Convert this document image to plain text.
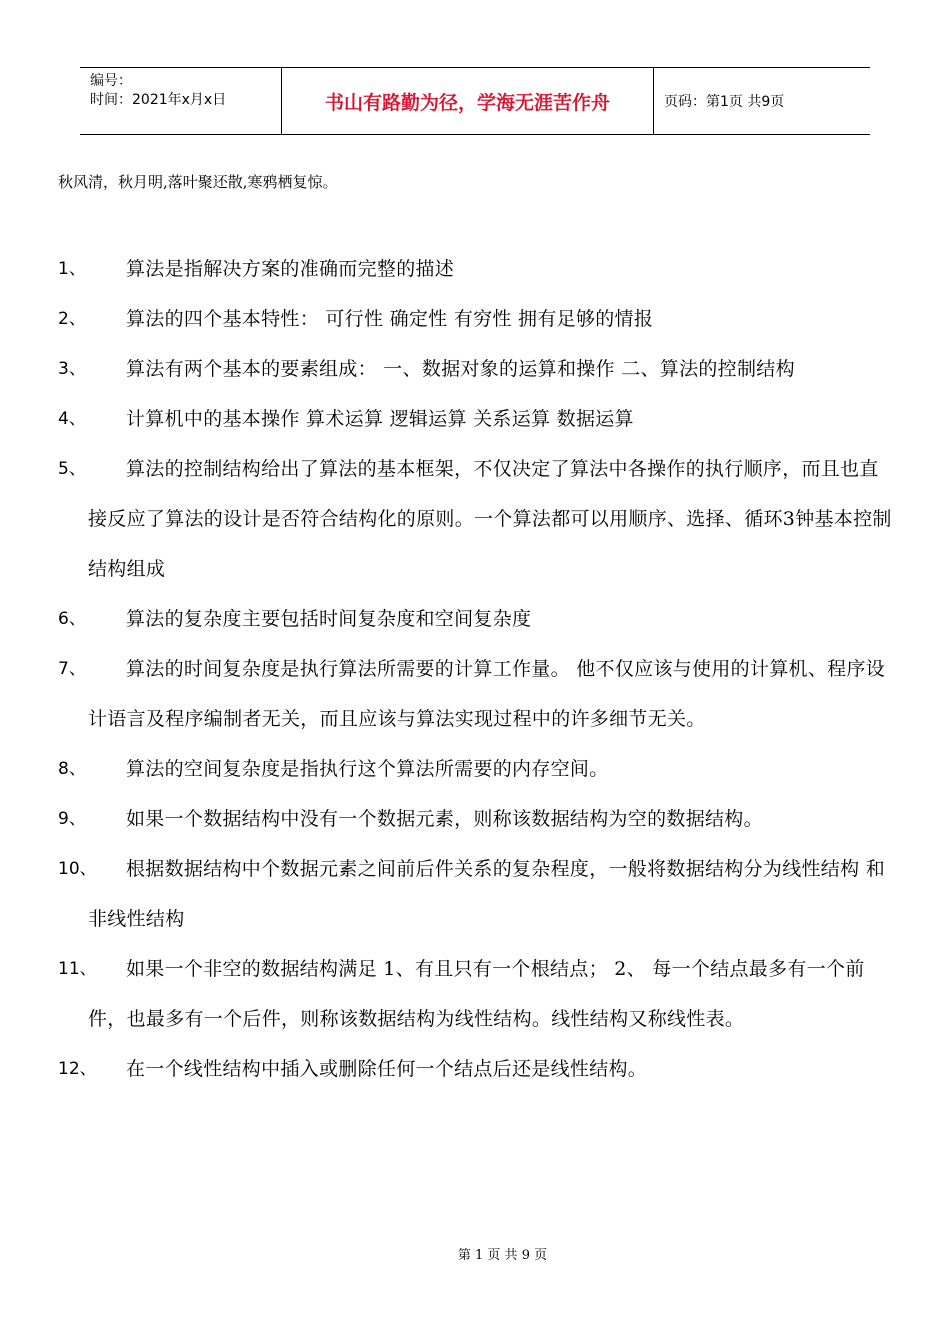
编号：
时间：2021年x月x日	书山有路勤为径，学海无涯苦作舟	页码：第1页 共9页
秋风清，秋月明,落叶聚还散,寒鸦栖复惊。

1、	算法是指解决方案的准确而完整的描述

2、	算法的四个基本特性： 可行性 确定性 有穷性 拥有足够的情报

3、	算法有两个基本的要素组成： 一、数据对象的运算和操作 二、算法的控制结构

4、	计算机中的基本操作 算术运算 逻辑运算 关系运算 数据运算

5、	算法的控制结构给出了算法的基本框架，不仅决定了算法中各操作的执行顺序，而且也直接反应了算法的设计是否符合结构化的原则。一个算法都可以用顺序、选择、循环3钟基本控制结构组成

6、	算法的复杂度主要包括时间复杂度和空间复杂度

7、	算法的时间复杂度是执行算法所需要的计算工作量。 他不仅应该与使用的计算机、程序设计语言及程序编制者无关，而且应该与算法实现过程中的许多细节无关。

8、	算法的空间复杂度是指执行这个算法所需要的内存空间。

9、	如果一个数据结构中没有一个数据元素，则称该数据结构为空的数据结构。

10、	根据数据结构中个数据元素之间前后件关系的复杂程度，一般将数据结构分为线性结构 和 非线性结构

11、	如果一个非空的数据结构满足 1、有且只有一个根结点； 2、 每一个结点最多有一个前件，也最多有一个后件，则称该数据结构为线性结构。线性结构又称线性表。

12、	在一个线性结构中插入或删除任何一个结点后还是线性结构。

第 1 页 共 9 页
